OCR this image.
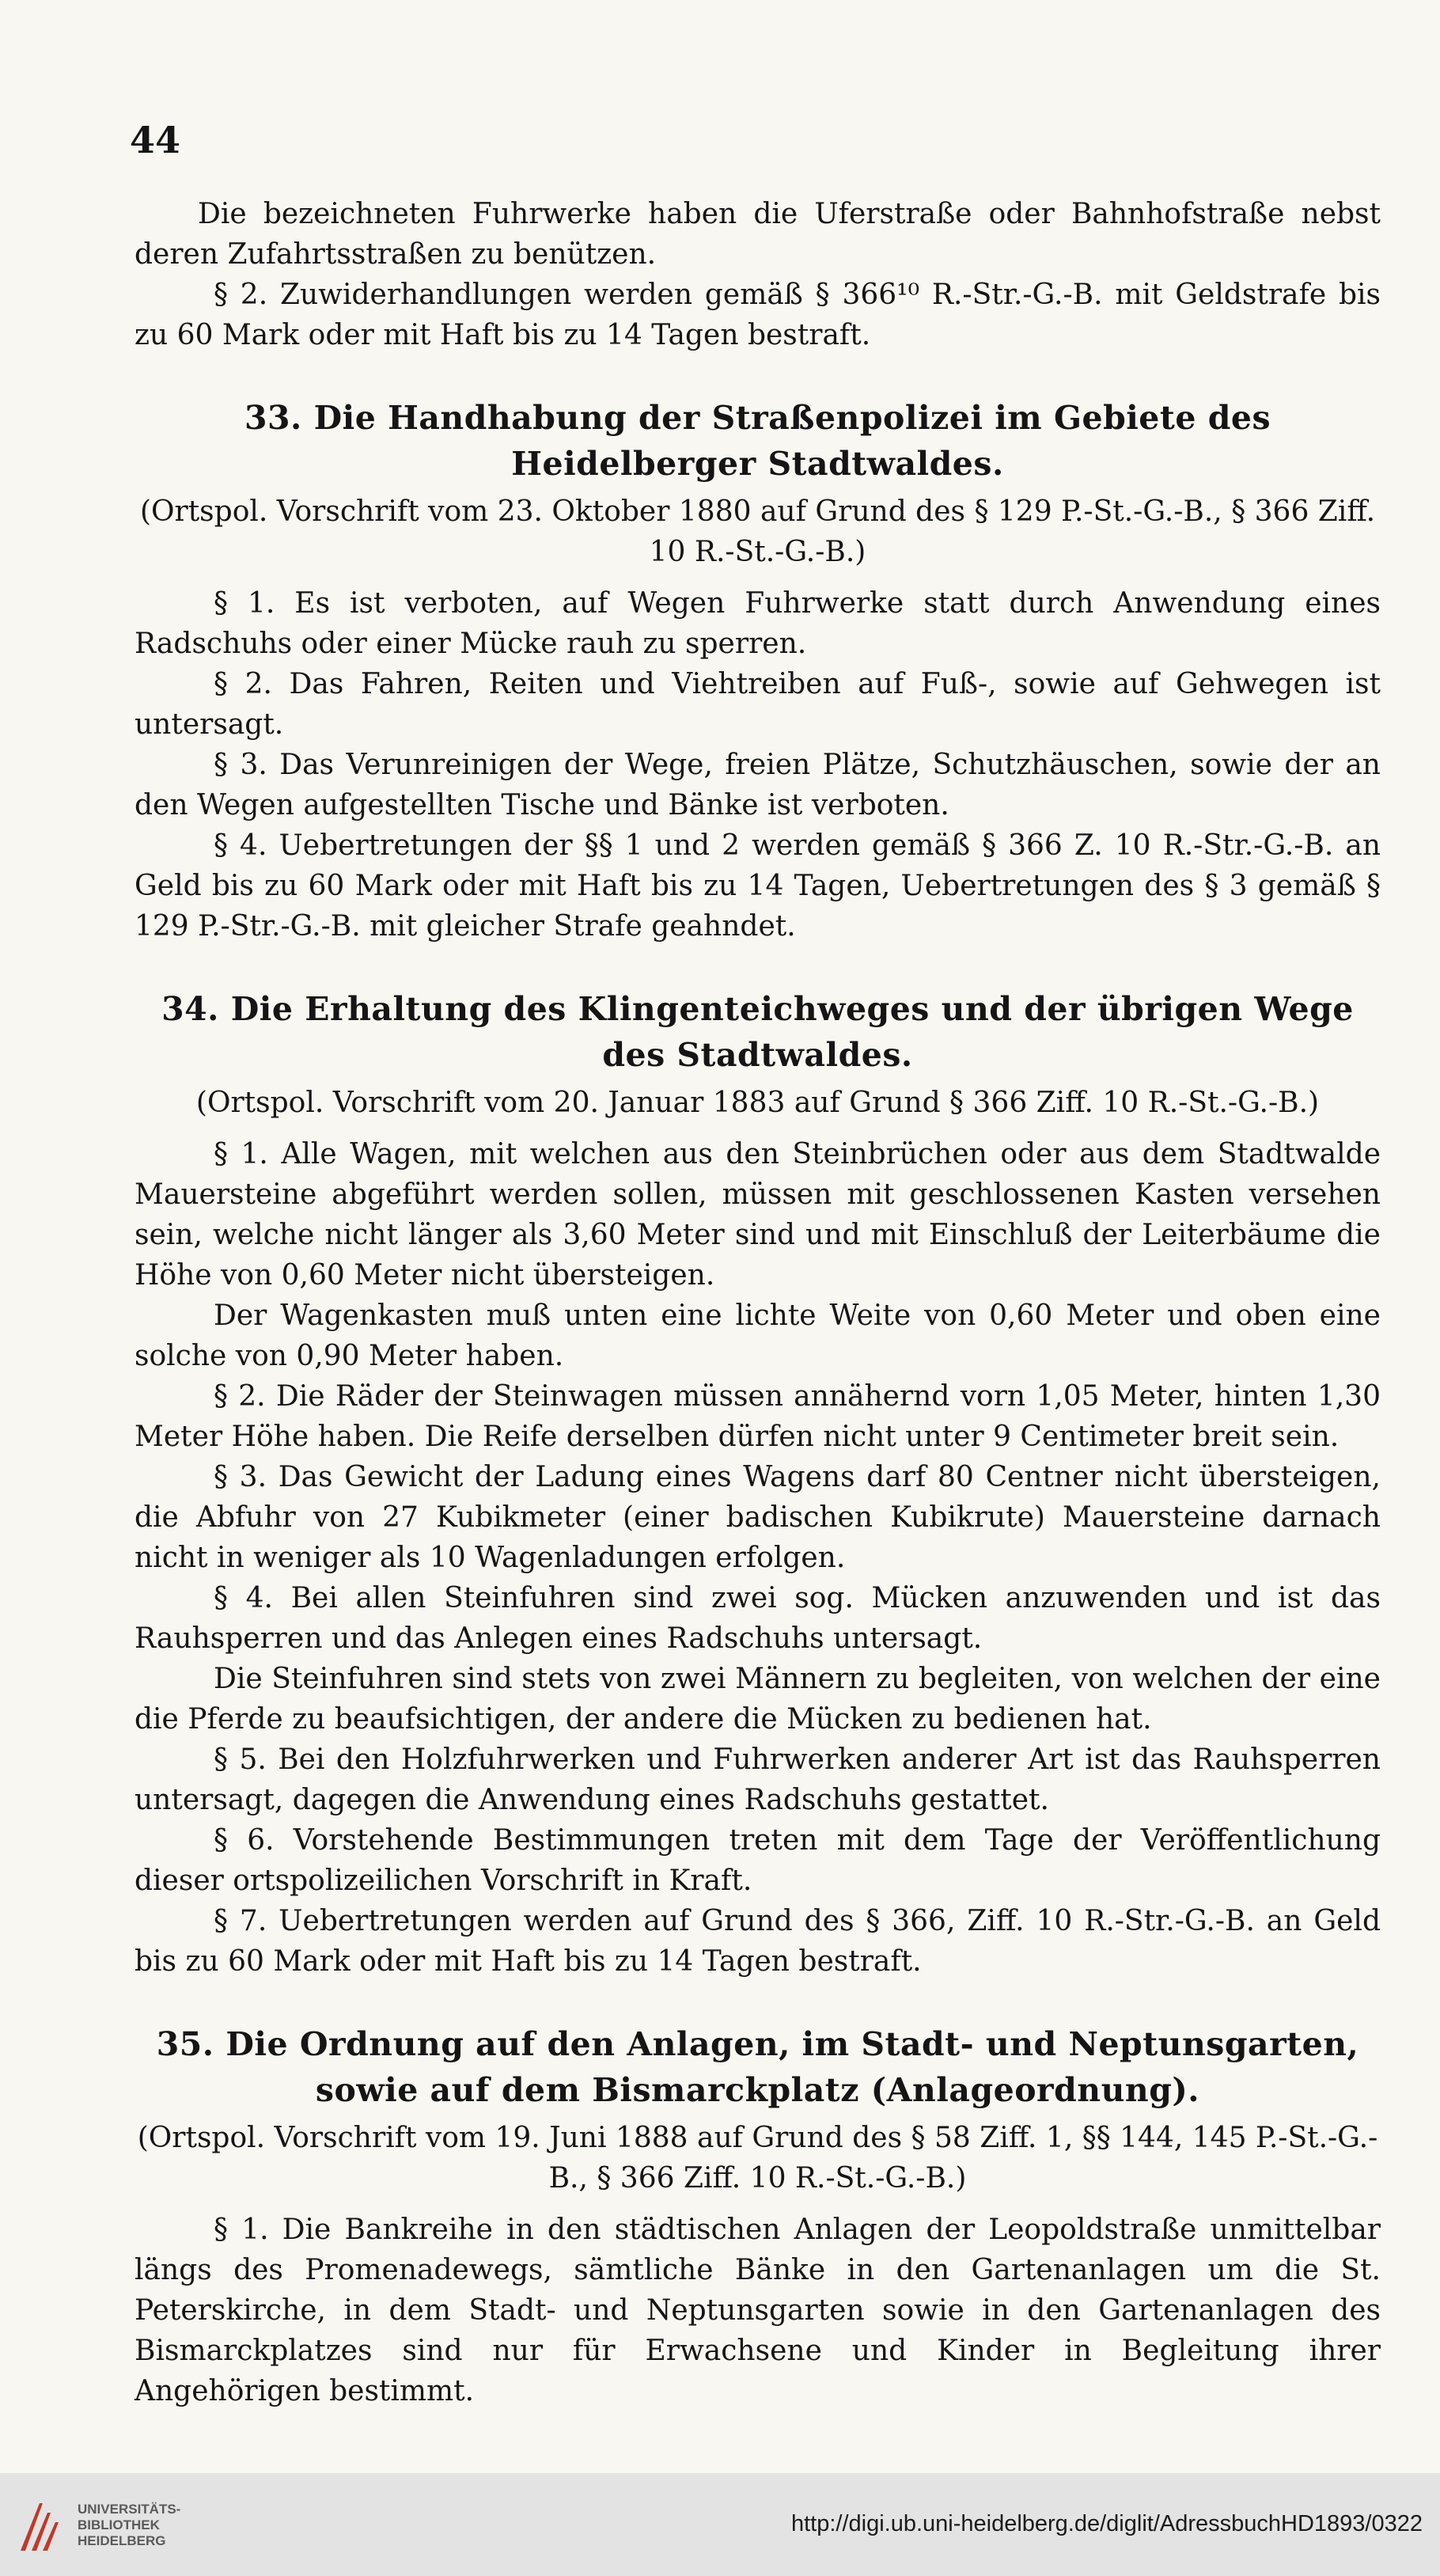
44

Die bezeichneten Fuhrwerke haben die Uferstraße oder Bahnhofstraße nebst deren Zufahrtsstraßen zu benützen.

§ 2. Zuwiderhandlungen werden gemäß § 366¹⁰ R.-Str.-G.-B. mit Geldstrafe bis zu 60 Mark oder mit Haft bis zu 14 Tagen bestraft.

33. Die Handhabung der Straßenpolizei im Gebiete des Heidelberger Stadtwaldes.
(Ortspol. Vorschrift vom 23. Oktober 1880 auf Grund des § 129 P.-St.-G.-B., § 366 Ziff. 10 R.-St.-G.-B.)

§ 1. Es ist verboten, auf Wegen Fuhrwerke statt durch Anwendung eines Radschuhs oder einer Mücke rauh zu sperren.

§ 2. Das Fahren, Reiten und Viehtreiben auf Fuß-, sowie auf Gehwegen ist untersagt.

§ 3. Das Verunreinigen der Wege, freien Plätze, Schutzhäuschen, sowie der an den Wegen aufgestellten Tische und Bänke ist verboten.

§ 4. Uebertretungen der §§ 1 und 2 werden gemäß § 366 Z. 10 R.-Str.-G.-B. an Geld bis zu 60 Mark oder mit Haft bis zu 14 Tagen, Uebertretungen des § 3 gemäß § 129 P.-Str.-G.-B. mit gleicher Strafe geahndet.

34. Die Erhaltung des Klingenteichweges und der übrigen Wege des Stadtwaldes.
(Ortspol. Vorschrift vom 20. Januar 1883 auf Grund § 366 Ziff. 10 R.-St.-G.-B.)

§ 1. Alle Wagen, mit welchen aus den Steinbrüchen oder aus dem Stadtwalde Mauersteine abgeführt werden sollen, müssen mit geschlossenen Kasten versehen sein, welche nicht länger als 3,60 Meter sind und mit Einschluß der Leiterbäume die Höhe von 0,60 Meter nicht übersteigen.

Der Wagenkasten muß unten eine lichte Weite von 0,60 Meter und oben eine solche von 0,90 Meter haben.

§ 2. Die Räder der Steinwagen müssen annähernd vorn 1,05 Meter, hinten 1,30 Meter Höhe haben. Die Reife derselben dürfen nicht unter 9 Centimeter breit sein.

§ 3. Das Gewicht der Ladung eines Wagens darf 80 Centner nicht übersteigen, die Abfuhr von 27 Kubikmeter (einer badischen Kubikrute) Mauersteine darnach nicht in weniger als 10 Wagenladungen erfolgen.

§ 4. Bei allen Steinfuhren sind zwei sog. Mücken anzuwenden und ist das Rauhsperren und das Anlegen eines Radschuhs untersagt.

Die Steinfuhren sind stets von zwei Männern zu begleiten, von welchen der eine die Pferde zu beaufsichtigen, der andere die Mücken zu bedienen hat.

§ 5. Bei den Holzfuhrwerken und Fuhrwerken anderer Art ist das Rauhsperren untersagt, dagegen die Anwendung eines Radschuhs gestattet.

§ 6. Vorstehende Bestimmungen treten mit dem Tage der Veröffentlichung dieser ortspolizeilichen Vorschrift in Kraft.

§ 7. Uebertretungen werden auf Grund des § 366, Ziff. 10 R.-Str.-G.-B. an Geld bis zu 60 Mark oder mit Haft bis zu 14 Tagen bestraft.

35. Die Ordnung auf den Anlagen, im Stadt- und Neptunsgarten, sowie auf dem Bismarckplatz (Anlageordnung).
(Ortspol. Vorschrift vom 19. Juni 1888 auf Grund des § 58 Ziff. 1, §§ 144, 145 P.-St.-G.-B., § 366 Ziff. 10 R.-St.-G.-B.)

§ 1. Die Bankreihe in den städtischen Anlagen der Leopoldstraße unmittelbar längs des Promenadewegs, sämtliche Bänke in den Gartenanlagen um die St. Peterskirche, in dem Stadt- und Neptunsgarten sowie in den Gartenanlagen des Bismarckplatzes sind nur für Erwachsene und Kinder in Begleitung ihrer Angehörigen bestimmt.

UNIVERSITÄTS-
BIBLIOTHEK
HEIDELBERG
http://digi.ub.uni-heidelberg.de/diglit/AdressbuchHD1893/0322
